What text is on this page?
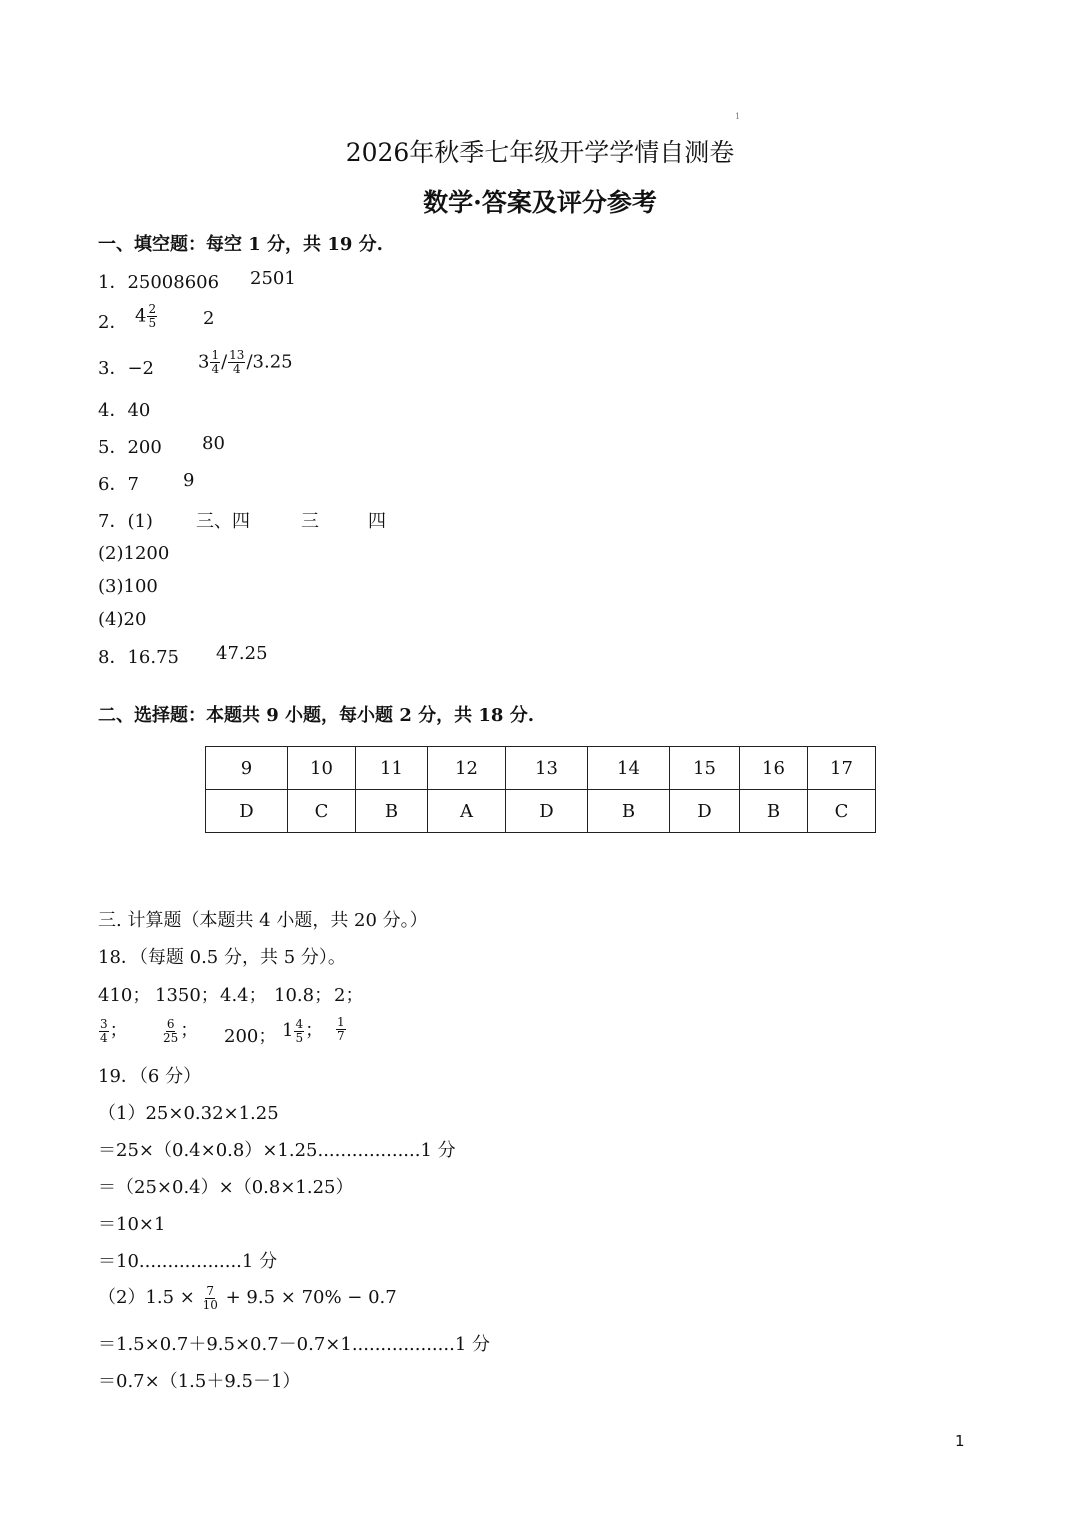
1
2026年秋季七年级开学学情自测卷
数学·答案及评分参考
一、填空题：每空 1 分，共 19 分.
1．25008606 2501
2． $4 \frac{2}{5}$	2
3．−2 $3 \frac{1}{4} / \frac{13}{4} /3.25$
4．40
5．200 80
6．7 9
7．(1) 三、四	三	四
(2)1200
(3)100
(4)20
8．16.75 47.25
二、选择题：本题共 9 小题，每小题 2 分，共 18 分.
9	10	11	12	13	14	15	16	17
D	C	B	A	D	B	D	B	C
三. 计算题（本题共 4 小题，共 20 分。）
18．（每题 0.5 分，共 5 分）。
410； 1350； 4.4； 10.8； 2；
$\frac{3}{4}$ ；	$\frac{6}{25}$ ； 200； $1 \frac{4}{5}$ ； $\frac{1}{7}$
19．（6 分）
（1）25×0.32×1.25
＝25×（0.4×0.8）×1.25..................1 分
＝（25×0.4）×（0.8×1.25）
＝10×1
＝10..................1 分
$(2)1.5 \times \frac{7}{10} + 9.5 \times 70\% - 0.7$
＝1.5×0.7＋9.5×0.7－0.7×1..................1 分
＝0.7×（1.5＋9.5－1）
1
